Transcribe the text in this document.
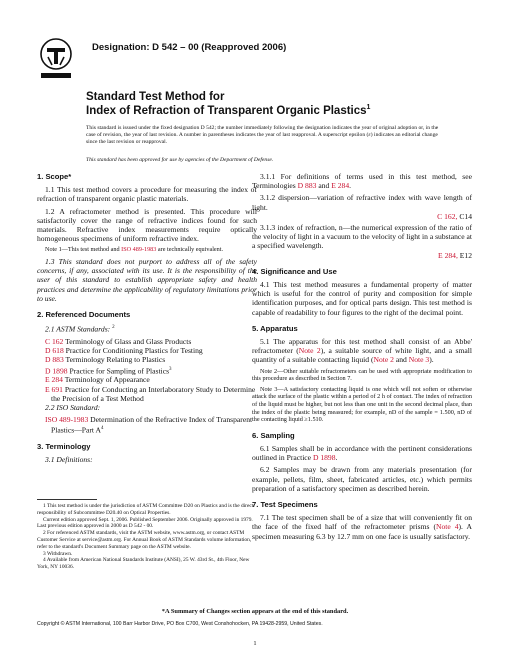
Designation: D 542 – 00 (Reapproved 2006)
Standard Test Method for
Index of Refraction of Transparent Organic Plastics$^1$
This standard is issued under the fixed designation D 542; the number immediately following the designation indicates the year of original adoption or, in the case of revision, the year of last revision. A number in parentheses indicates the year of last reapproval. A superscript epsilon (ε) indicates an editorial change since the last revision or reapproval.
This standard has been approved for use by agencies of the Department of Defense.
1. Scope*

1.1 This test method covers a procedure for measuring the index of refraction of transparent organic plastic materials.

1.2 A refractometer method is presented. This procedure will satisfactorily cover the range of refractive indices found for such materials. Refractive index measurements require optically homogeneous specimens of uniform refractive index.

Note 1—This test method and ISO 489-1983 are technically equivalent.

1.3 This standard does not purport to address all of the safety concerns, if any, associated with its use. It is the responsibility of the user of this standard to establish appropriate safety and health practices and determine the applicability of regulatory limitations prior to use.

2. Referenced Documents

2.1 ASTM Standards: $^2$

C 162 Terminology of Glass and Glass Products
D 618 Practice for Conditioning Plastics for Testing
D 883 Terminology Relating to Plastics
D 1898 Practice for Sampling of Plastics$^3$
E 284 Terminology of Appearance
E 691 Practice for Conducting an Interlaboratory Study to Determine the Precision of a Test Method

2.2 ISO Standard:

ISO 489-1983 Determination of the Refractive Index of Transparent Plastics—Part $A^4$
3. Terminology

3.1 Definitions:

3.1.1 For definitions of terms used in this test method, see Terminologies D 883 and E 284.

3.1.2 dispersion—variation of refractive index with wave length of light.

C 162, C14

3.1.3 index of refraction, n—the numerical expression of the ratio of the velocity of light in a vacuum to the velocity of light in a substance at a specified wavelength.

E 284, E12
4. Significance and Use

4.1 This test method measures a fundamental property of matter which is useful for the control of purity and composition for simple identification purposes, and for optical parts design. This test method is capable of readability to four figures to the right of the decimal point.

5. Apparatus

5.1 The apparatus for this test method shall consist of an Abbe' refractometer (Note 2), a suitable source of white light, and a small quantity of a suitable contacting liquid (Note 2 and Note 3).

Note 2—Other suitable refractometers can be used with appropriate modification to this procedure as described in Section 7.

Note 3—A satisfactory contacting liquid is one which will not soften or otherwise attack the surface of the plastic within a period of 2 h of contact. The index of refraction of the liquid must be higher, but not less than one unit in the second decimal place, than the index of the plastic being measured; for example, nD of the sample = 1.500, nD of the contacting liquid ≥1.510.

6. Sampling

6.1 Samples shall be in accordance with the pertinent considerations outlined in Practice D 1898.

6.2 Samples may be drawn from any materials presentation (for example, pellets, film, sheet, fabricated articles, etc.) which permits preparation of a satisfactory specimen as described herein.

7. Test Specimens

7.1 The test specimen shall be of a size that will conveniently fit on the face of the fixed half of the refractometer prisms (Note 4). A specimen measuring 6.3 by 12.7 mm on one face is usually satisfactory.

1 This test method is under the jurisdiction of ASTM Committee D20 on Plastics and is the direct responsibility of Subcommittee D20.40 on Optical Properties.
Current edition approved Sept. 1, 2006. Published September 2006. Originally approved in 1979. Last previous edition approved in 2000 as D 542 - 00.
2 For referenced ASTM standards, visit the ASTM website, www.astm.org, or contact ASTM Customer Service at service@astm.org. For Annual Book of ASTM Standards volume information, refer to the standard's Document Summary page on the ASTM website.
3 Withdrawn.
4 Available from American National Standards Institute (ANSI), 25 W. 43rd St., 4th Floor, New York, NY 10036.
*A Summary of Changes section appears at the end of this standard.
Copyright © ASTM International, 100 Barr Harbor Drive, PO Box C700, West Conshohocken, PA 19428-2959, United States.
1
